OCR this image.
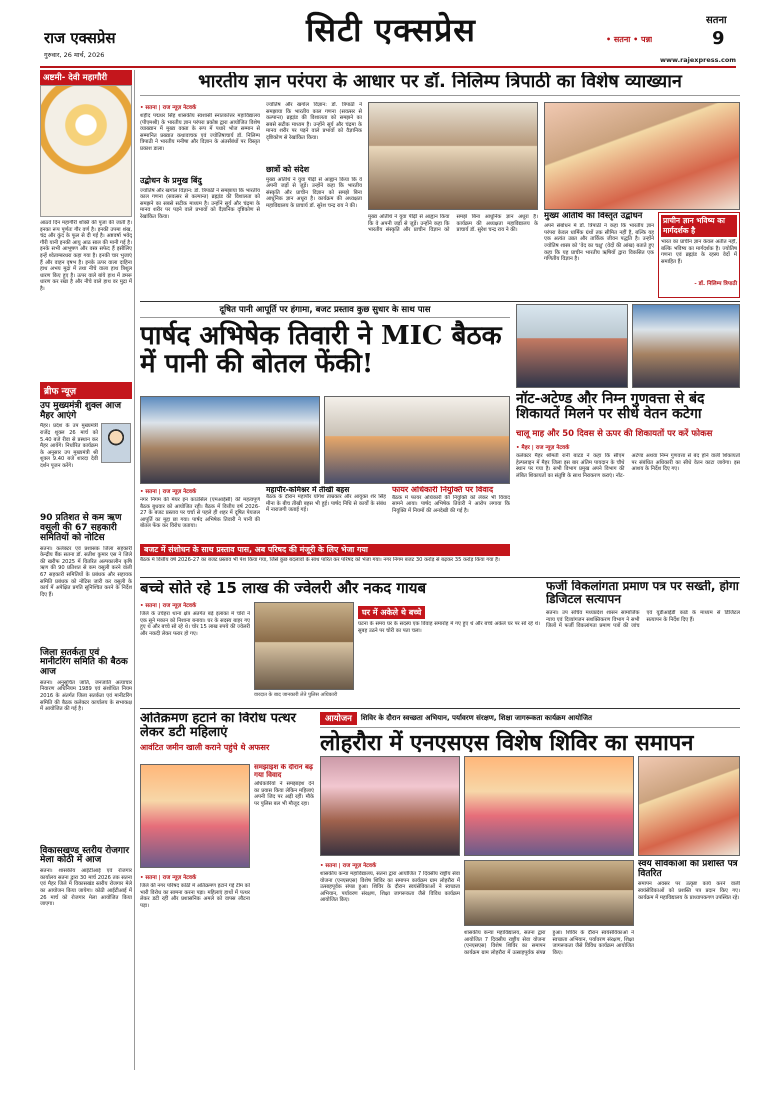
राज एक्सप्रेस
गुरुवार, 26 मार्च, 2026
सिटी एक्सप्रेस	सतना
• सतना • पन्ना	9
www.rajexpress.com
अष्टमी- देवी महागौरी
आठवें दिन महागौरी शक्ति की पूजा की जाती है। इनका रूप पूर्णतः गौर वर्ण है। इनकी उपमा शंख, चंद्र और कुंद के फूल से दी गई है। अष्टवर्षा भवेद् गौरी यानी इनकी आयु आठ साल की मानी गई है। इनके सभी आभूषण और वस्त्र सफेद हैं इसीलिए इन्हें श्वेताम्बरधरा कहा गया है। इनकी चार भुजाएं हैं और वाहन वृषभ है। इनके ऊपर वाला दाहिना हाथ अभय मुद्रा में तथा नीचे वाला हाथ त्रिशूल धारण किए हुए है। ऊपर वाले बांये हाथ में डमरू धारण कर रखा है और नीचे वाले हाथ वर मुद्रा में है।
ब्रीफ न्यूज़
उप मुख्यमंत्री शुक्ल आज मैहर आएंगे
मैहर। प्रदेश के उप मुख्यमंत्री राजेंद्र शुक्ल 26 मार्च को 5.40 बजे रीवा से प्रस्थान कर मैहर आयेंगे। निर्धारित कार्यक्रम के अनुसार उप मुख्यमंत्री श्री शुक्ल 9.40 बजे शारदा देवी दर्शन पूजन करेंगे।
90 प्रतिशत से कम ऋण वसूली की 67 सहकारी समितियों को नोटिस
सतना। कलेक्टर एवं प्रशासक जिला सहकारी केन्द्रीय बैंक सतना डॉ. सतीश कुमार एस ने जिले की खरीफ 2025 में वितरित अल्पकालीन कृषि ऋण की 90 प्रतिशत से कम वसूली करने वाली 67 सहकारी समितियों के प्रबंधक और सहायक समिति प्रबंधक को नोटिस जारी कर वसूली के कार्य में अपेक्षित प्रगति सुनिश्चित करने के निर्देश दिए हैं।
जिला सतर्कता एवं मानीटरिंग समिति की बैठक आज
सतना। अनुसूचित जाति, जनजाति अत्याचार निवारण अधिनियम 1989 एवं संशोधित नियम 2016 के अंतर्गत जिला सतर्कता एवं मानीटरिंग समिति की बैठक कलेक्टर कार्यालय के सभाकक्ष में आयोजित की गई है।
विकासखण्ड स्तरीय रोजगार मेला कोठी में आज
सतना। शासकीय आईटीआई एवं रोजगार कार्यालय सतना द्वारा 30 मार्च 2026 तक सतना एवं मैहर जिले में विकासखंड स्तरीय रोजगार मेले का आयोजन किया जायेगा। कोठी आईटीआई में 26 मार्च को रोजगार मेला आयोजित किया जाएगा।
भारतीय ज्ञान परंपरा के आधार पर डॉ. निलिम्प त्रिपाठी का विशेष व्याख्यान
• सतना | राज न्यूज़ नेटवर्क
शहीद पद्मधर सिंह शासकीय स्वशासी स्नातकोत्तर महाविद्यालय (पीएमश्री) के भारतीय ज्ञान परंपरा प्रकोष्ठ द्वारा आयोजित विशेष व्याख्यान में मुख्य वक्ता के रूप में पधारे भोज सम्मान से सम्मानित प्रख्यात कथावाचक एवं ज्योतिषाचार्य डॉ. निलिम्प त्रिपाठी ने भारतीय मनीषा और विज्ञान के अंतर्संबंधों पर विस्तृत प्रकाश डाला।
उद्बोधन के प्रमुख बिंदु
ज्योतिष और खगोल विज्ञान: डॉ. त्रिपाठी ने समझाया कि भारतीय काल गणना (सवत्सर से कल्पान्त) ब्रह्मांड की विशालता को समझने का सबसे सटीक माध्यम है। उन्होंने सूर्य और चंद्रमा के मानव शरीर पर पड़ने वाले प्रभावों को वैज्ञानिक दृष्टिकोण से रेखांकित किया।
ज्योतिष और खगोल विज्ञान: डॉ. त्रिपाठी ने समझाया कि भारतीय काल गणना (सवत्सर से कल्पान्त) ब्रह्मांड की विशालता को समझने का सबसे सटीक माध्यम है। उन्होंने सूर्य और चंद्रमा के मानव शरीर पर पड़ने वाले प्रभावों को वैज्ञानिक दृष्टिकोण से रेखांकित किया।
छात्रों को संदेश
मुख्य अतिथि ने युवा पीढ़ी से आह्वान किया कि वे अपनी जड़ों से जुड़ें। उन्होंने कहा कि भारतीय संस्कृति और प्राचीन विज्ञान को समझे बिना आधुनिक ज्ञान अधूरा है। कार्यक्रम की अध्यक्षता महाविद्यालय के प्राचार्य डॉ. सुरेश चन्द्र राय ने की।
मुख्य अतिथि ने युवा पीढ़ी से आह्वान किया कि वे अपनी जड़ों से जुड़ें। उन्होंने कहा कि भारतीय संस्कृति और प्राचीन विज्ञान को समझे बिना आधुनिक ज्ञान अधूरा है। कार्यक्रम की अध्यक्षता महाविद्यालय के प्राचार्य डॉ. सुरेश चन्द्र राय ने की।
मुख्य अतिथि का विस्तृत उद्बोधन
अपने संबोधन में डॉ. त्रिपाठी ने कहा कि भारतीय ज्ञान परंपरा केवल धार्मिक ग्रंथों तक सीमित नहीं है, बल्कि यह एक अत्यंत उन्नत और तार्किक जीवन पद्धति है। उन्होंने ज्योतिष शास्त्र को 'वेद का चक्षु' (वेदों की आंख) बताते हुए कहा कि यह प्राचीन भारतीय ऋषियों द्वारा विकसित एक गणितीय विज्ञान है।
प्राचीन ज्ञान भविष्य का मार्गदर्शक है
भारत का प्राचीन ज्ञान केवल अतीत नहीं, बल्कि भविष्य का मार्गदर्शक है। ज्योतिष गणना एवं ब्रह्मांड के रहस्य वेदों में समाहित हैं।
- डॉ. निलिम्प त्रिपाठी
दूषित पानी आपूर्ति पर हंगामा, बजट प्रस्ताव कुछ सुधार के साथ पास
पार्षद अभिषेक तिवारी ने MIC बैठक में पानी की बोतल फेंकी!
• सतना | राज न्यूज़ नेटवर्क
नगर निगम की मेयर इन काउंसिल (एमआईसी) की महत्वपूर्ण बैठक बुधवार को आयोजित रही। बैठक में वित्तीय वर्ष 2026-27 के बजट प्रस्ताव पर चर्चा से पहले ही शहर में दूषित पेयजल आपूर्ति का मुद्दा छा गया। पार्षद अभिषेक तिवारी ने पानी की बोतल फेंक कर विरोध जताया।
महापौर-कमिश्नर में तीखी बहस
बैठक के दौरान महापौर योगेश ताम्रकार और आयुक्त शेर सिंह मीना के बीच तीखी बहस भी हुई। पार्षद निधि से कार्यों के संबंध में नाराजगी जताई गई।
फायर अधिकारी नियुक्ति पर विवाद
बैठक में फायर अधिकारी की नियुक्ति को लेकर भी विवाद सामने आया। पार्षद अभिषेक तिवारी ने आरोप लगाया कि नियुक्ति में नियमों की अनदेखी की गई है।
बजट में संशोधन के साथ प्रस्ताव पास, अब परिषद की मंजूरी के लिए भेजा गया
बैठक में वित्तीय वर्ष 2026-27 का बजट प्रस्ताव भी पेश किया गया, जिसे कुछ बदलावों के साथ पारित कर परिषद को भेजा गया। नगर निगम बजट 30 करोड़ से बढ़कर 35 करोड़ किया गया है।
नॉट-अटेण्ड और निम्न गुणवत्ता से बंद शिकायतें मिलने पर सीधे वेतन कटेगा
चालू माह और 50 दिवस से ऊपर की शिकायतों पर करें फोकस
• मैहर | राज न्यूज़ नेटवर्क
कलेक्टर मैहर श्रीमती रानी बाटड ने कहा कि सीएम हेल्पलाइन में मैहर जिला इस बार अंतिम पायदान के चौथे स्थान पर गया है। सभी विभाग प्रमुख अपने विभाग की लंबित शिकायतों का संतुष्टि के साथ निराकरण कराएं। नॉट-अटेण्ड अथवा निम्न गुणवत्ता से बंद होने वाली शिकायतों पर संबंधित अधिकारी का सीधे वेतन काटा जायेगा। इस आशय के निर्देश दिए गए।
बच्चे सोते रहे 15 लाख की ज्वेलरी और नकद गायब
• सतना | राज न्यूज़ नेटवर्क
जिले के उचेहरा थाना क्षेत्र अंतर्गत बड़े इलाका में चोरों ने एक सूने मकान को निशाना बनाया। घर के सदस्य बाहर गए हुए थे और बच्चे सो रहे थे। चोर 15 लाख रुपये की ज्वेलरी और नकदी लेकर फरार हो गए।
वारदात के बाद जानकारी लेते पुलिस अधिकारी
घर में अकेले थे बच्चे
घटना के समय घर के सदस्य एक विवाह समारोह में गए हुए थे और बच्चे अकेले घर पर सो रहे थे। सुबह उठने पर चोरी का पता चला।
फर्जी विकलांगता प्रमाण पत्र पर सख्ती, होगा डिजिटल सत्यापन
सतना। उप सचिव मध्यप्रदेश शासन सामाजिक न्याय एवं दिव्यांगजन सशक्तिकरण विभाग ने सभी जिलों में फर्जी विकलांगता प्रमाण पत्रों की जांच एवं यूडीआईडी कार्ड के माध्यम से डिजिटल सत्यापन के निर्देश दिए हैं।
अतिक्रमण हटाने का विरोध पत्थर लेकर डटी महिलाएं
आवंटित जमीन खाली कराने पहुंचे थे अफसर
समझाइश के दौरान बढ़ गया विवाद
अधिकारियों ने समझाइश देने का प्रयास किया लेकिन महिलाएं अपनी जिद पर अड़ी रहीं। मौके पर पुलिस बल भी मौजूद रहा।
• सतना | राज न्यूज़ नेटवर्क
जिले की नगर परिषद कोठी में अतिक्रमण हटाने गई टीम को भारी विरोध का सामना करना पड़ा। महिलाएं हाथों में पत्थर लेकर डटी रहीं और प्रशासनिक अमले को वापस लौटना पड़ा।
आयोजन	शिविर के दौरान स्वच्छता अभियान, पर्यावरण संरक्षण, शिक्षा जागरूकता कार्यक्रम आयोजित
लोहरौरा में एनएसएस विशेष शिविर का समापन
• सतना | राज न्यूज़ नेटवर्क
शासकीय कन्या महाविद्यालय, सतना द्वारा आयोजित 7 दिवसीय राष्ट्रीय सेवा योजना (एनएसएस) विशेष शिविर का समापन कार्यक्रम ग्राम लोहरौरा में उत्साहपूर्वक संपन्न हुआ। शिविर के दौरान स्वयंसेविकाओं ने स्वच्छता अभियान, पर्यावरण संरक्षण, शिक्षा जागरूकता जैसे विविध कार्यक्रम आयोजित किए।
शासकीय कन्या महाविद्यालय, सतना द्वारा आयोजित 7 दिवसीय राष्ट्रीय सेवा योजना (एनएसएस) विशेष शिविर का समापन कार्यक्रम ग्राम लोहरौरा में उत्साहपूर्वक संपन्न हुआ। शिविर के दौरान स्वयंसेविकाओं ने स्वच्छता अभियान, पर्यावरण संरक्षण, शिक्षा जागरूकता जैसे विविध कार्यक्रम आयोजित किए।
स्वयं सेविकाओं को प्रशस्ति पत्र वितरित
समापन अवसर पर उत्कृष्ट कार्य करने वाली स्वयंसेविकाओं को प्रशस्ति पत्र प्रदान किए गए। कार्यक्रम में महाविद्यालय के प्राध्यापकगण उपस्थित रहे।
